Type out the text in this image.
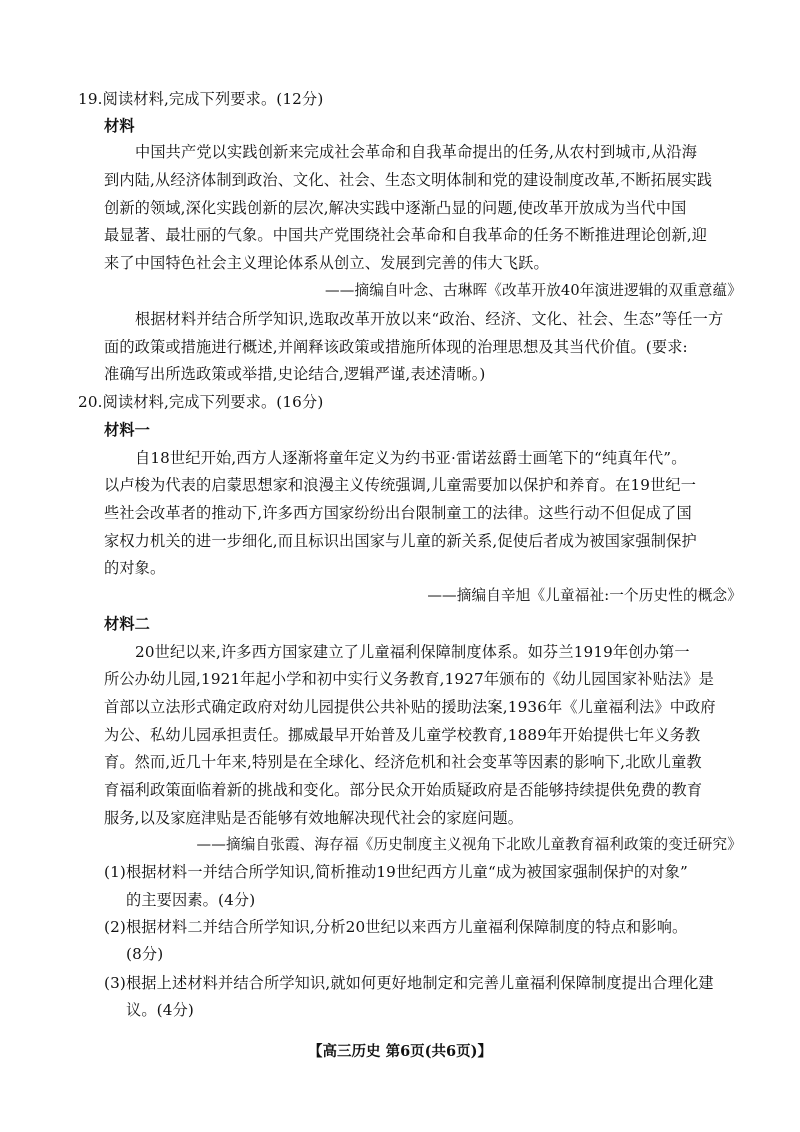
19.阅读材料,完成下列要求。(12分)
材料
中国共产党以实践创新来完成社会革命和自我革命提出的任务,从农村到城市,从沿海
到内陆,从经济体制到政治、文化、社会、生态文明体制和党的建设制度改革,不断拓展实践
创新的领域,深化实践创新的层次,解决实践中逐渐凸显的问题,使改革开放成为当代中国
最显著、最壮丽的气象。中国共产党围绕社会革命和自我革命的任务不断推进理论创新,迎
来了中国特色社会主义理论体系从创立、发展到完善的伟大飞跃。
——摘编自叶念、古琳晖《改革开放40年演进逻辑的双重意蕴》
根据材料并结合所学知识,选取改革开放以来“政治、经济、文化、社会、生态”等任一方
面的政策或措施进行概述,并阐释该政策或措施所体现的治理思想及其当代价值。(要求:
准确写出所选政策或举措,史论结合,逻辑严谨,表述清晰。)
20.阅读材料,完成下列要求。(16分)
材料一
自18世纪开始,西方人逐渐将童年定义为约书亚·雷诺兹爵士画笔下的“纯真年代”。
以卢梭为代表的启蒙思想家和浪漫主义传统强调,儿童需要加以保护和养育。在19世纪一
些社会改革者的推动下,许多西方国家纷纷出台限制童工的法律。这些行动不但促成了国
家权力机关的进一步细化,而且标识出国家与儿童的新关系,促使后者成为被国家强制保护
的对象。
——摘编自辛旭《儿童福祉:一个历史性的概念》
材料二
20世纪以来,许多西方国家建立了儿童福利保障制度体系。如芬兰1919年创办第一
所公办幼儿园,1921年起小学和初中实行义务教育,1927年颁布的《幼儿园国家补贴法》是
首部以立法形式确定政府对幼儿园提供公共补贴的援助法案,1936年《儿童福利法》中政府
为公、私幼儿园承担责任。挪威最早开始普及儿童学校教育,1889年开始提供七年义务教
育。然而,近几十年来,特别是在全球化、经济危机和社会变革等因素的影响下,北欧儿童教
育福利政策面临着新的挑战和变化。部分民众开始质疑政府是否能够持续提供免费的教育
服务,以及家庭津贴是否能够有效地解决现代社会的家庭问题。
——摘编自张霞、海存福《历史制度主义视角下北欧儿童教育福利政策的变迁研究》
(1)根据材料一并结合所学知识,简析推动19世纪西方儿童“成为被国家强制保护的对象”
的主要因素。(4分)
(2)根据材料二并结合所学知识,分析20世纪以来西方儿童福利保障制度的特点和影响。
(8分)
(3)根据上述材料并结合所学知识,就如何更好地制定和完善儿童福利保障制度提出合理化建
议。(4分)
【高三历史 第6页(共6页)】
